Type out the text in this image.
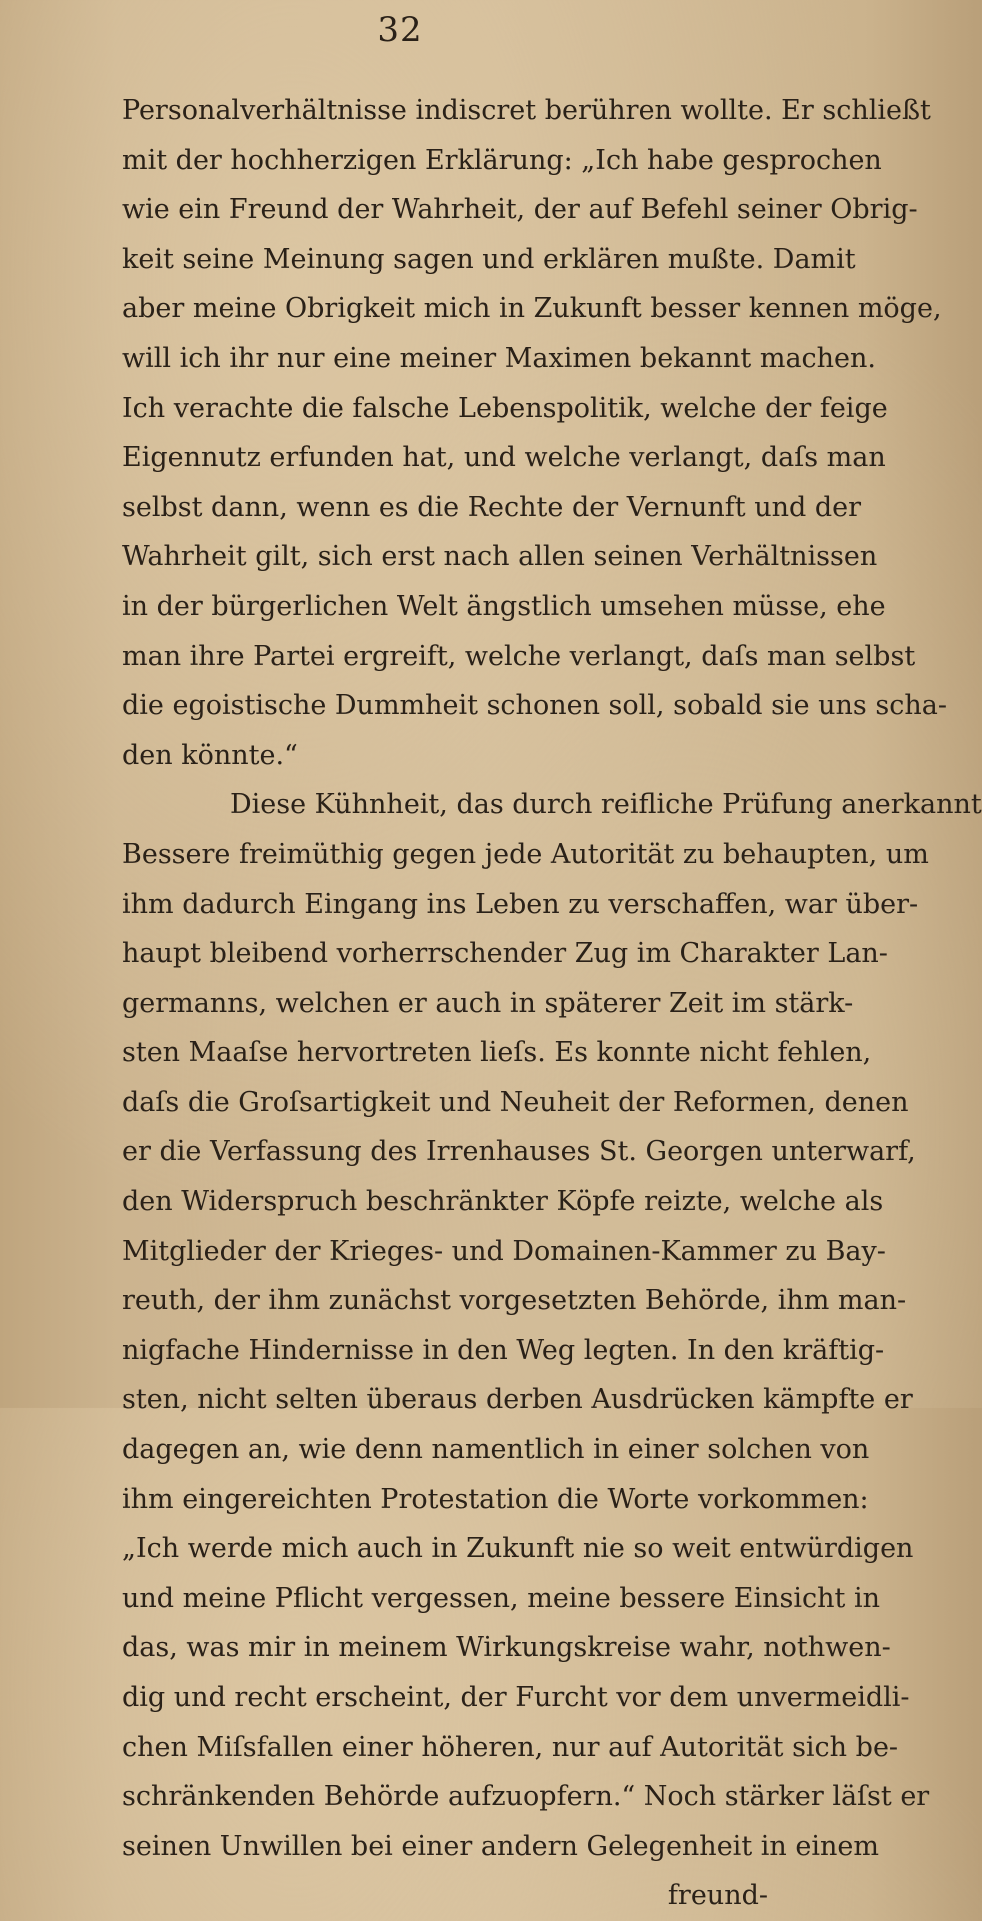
32
Personalverhältnisse indiscret berühren wollte. Er schließt
mit der hochherzigen Erklärung: „Ich habe gesprochen
wie ein Freund der Wahrheit, der auf Befehl seiner Obrig-
keit seine Meinung sagen und erklären mußte. Damit
aber meine Obrigkeit mich in Zukunft besser kennen möge,
will ich ihr nur eine meiner Maximen bekannt machen.
Ich verachte die falsche Lebenspolitik, welche der feige
Eigennutz erfunden hat, und welche verlangt, daſs man
selbst dann, wenn es die Rechte der Vernunft und der
Wahrheit gilt, sich erst nach allen seinen Verhältnissen
in der bürgerlichen Welt ängstlich umsehen müsse, ehe
man ihre Partei ergreift, welche verlangt, daſs man selbst
die egoistische Dummheit schonen soll, sobald sie uns scha-
den könnte.“
Diese Kühnheit, das durch reifliche Prüfung anerkannt
Bessere freimüthig gegen jede Autorität zu behaupten, um
ihm dadurch Eingang ins Leben zu verschaffen, war über-
haupt bleibend vorherrschender Zug im Charakter Lan-
germanns, welchen er auch in späterer Zeit im stärk-
sten Maaſse hervortreten lieſs. Es konnte nicht fehlen,
daſs die Groſsartigkeit und Neuheit der Reformen, denen
er die Verfassung des Irrenhauses St. Georgen unterwarf,
den Widerspruch beschränkter Köpfe reizte, welche als
Mitglieder der Krieges- und Domainen-Kammer zu Bay-
reuth, der ihm zunächst vorgesetzten Behörde, ihm man-
nigfache Hindernisse in den Weg legten. In den kräftig-
sten, nicht selten überaus derben Ausdrücken kämpfte er
dagegen an, wie denn namentlich in einer solchen von
ihm eingereichten Protestation die Worte vorkommen:
„Ich werde mich auch in Zukunft nie so weit entwürdigen
und meine Pflicht vergessen, meine bessere Einsicht in
das, was mir in meinem Wirkungskreise wahr, nothwen-
dig und recht erscheint, der Furcht vor dem unvermeidli-
chen Miſsfallen einer höheren, nur auf Autorität sich be-
schränkenden Behörde aufzuopfern.“ Noch stärker läſst er
seinen Unwillen bei einer andern Gelegenheit in einem
freund-
